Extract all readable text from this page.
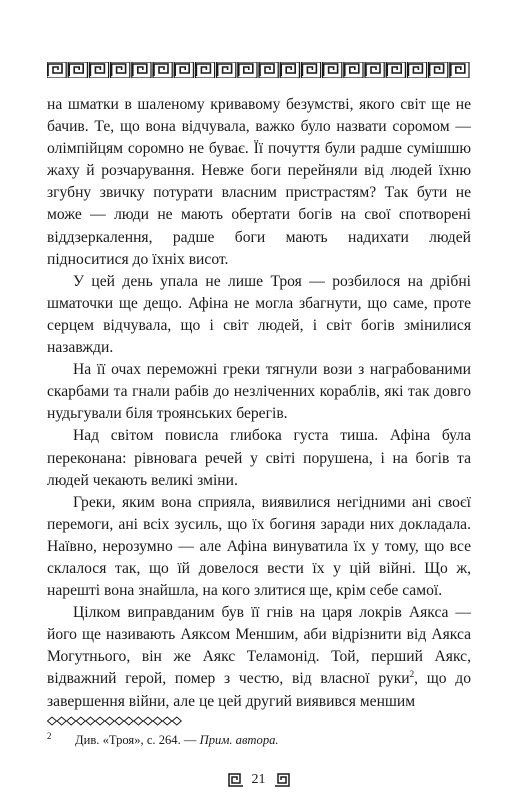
на шматки в шаленому кривавому безумстві, якого світ ще не бачив. Те, що вона відчувала, важко було назвати соромом — олімпійцям соромно не буває. Її почуття були радше сумішшю жаху й розчарування. Невже боги перейняли від людей їхню згубну звичку потурати власним пристрастям? Так бути не може — люди не мають обертати богів на свої спотворені віддзеркалення, радше боги мають надихати людей підноситися до їхніх висот.

У цей день упала не лише Троя — розбилося на дрібні шматочки ще дещо. Афіна не могла збагнути, що саме, проте серцем відчувала, що і світ людей, і світ богів змінилися назавжди.

На її очах переможні греки тягнули вози з награбованими скарбами та гнали рабів до незліченних кораблів, які так довго нудьгували біля троянських берегів.

Над світом повисла глибока густа тиша. Афіна була переконана: рівновага речей у світі порушена, і на богів та людей чекають великі зміни.

Греки, яким вона сприяла, виявилися негідними ані своєї перемоги, ані всіх зусиль, що їх богиня заради них докладала. Наївно, нерозумно — але Афіна винуватила їх у тому, що все склалося так, що їй довелося вести їх у цій війні. Що ж, нарешті вона знайшла, на кого злитися ще, крім себе самої.

Цілком виправданим був її гнів на царя локрів Аякса — його ще називають Аяксом Меншим, аби відрізнити від Аякса Могутнього, він же Аякс Теламонід. Той, перший Аякс, відважний герой, помер з честю, від власної руки$^2$, що до завершення війни, але це цей другий виявився меншим

2 Див. «Троя», с. 264. — Прим. автора.
21
